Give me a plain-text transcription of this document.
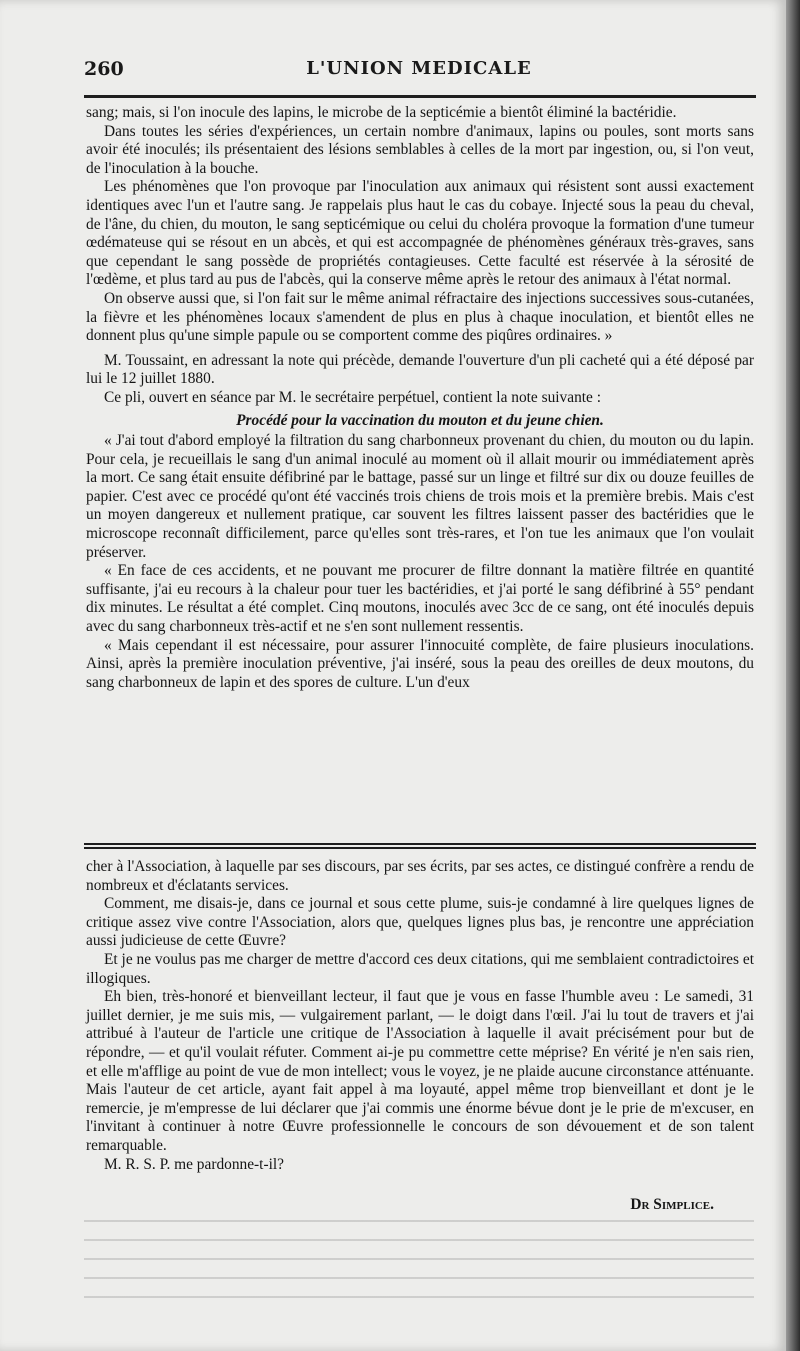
260	L'UNION MEDICALE

sang; mais, si l'on inocule des lapins, le microbe de la septicémie a bientôt éliminé la bactéridie.

Dans toutes les séries d'expériences, un certain nombre d'animaux, lapins ou poules, sont morts sans avoir été inoculés; ils présentaient des lésions semblables à celles de la mort par ingestion, ou, si l'on veut, de l'inoculation à la bouche.

Les phénomènes que l'on provoque par l'inoculation aux animaux qui résistent sont aussi exactement identiques avec l'un et l'autre sang. Je rappelais plus haut le cas du cobaye. Injecté sous la peau du cheval, de l'âne, du chien, du mouton, le sang septicémique ou celui du choléra provoque la formation d'une tumeur œdémateuse qui se résout en un abcès, et qui est accompagnée de phénomènes généraux très-graves, sans que cependant le sang possède de propriétés contagieuses. Cette faculté est réservée à la sérosité de l'œdème, et plus tard au pus de l'abcès, qui la conserve même après le retour des animaux à l'état normal.

On observe aussi que, si l'on fait sur le même animal réfractaire des injections successives sous-cutanées, la fièvre et les phénomènes locaux s'amendent de plus en plus à chaque inoculation, et bientôt elles ne donnent plus qu'une simple papule ou se comportent comme des piqûres ordinaires. »

M. Toussaint, en adressant la note qui précède, demande l'ouverture d'un pli cacheté qui a été déposé par lui le 12 juillet 1880.

Ce pli, ouvert en séance par M. le secrétaire perpétuel, contient la note suivante :

Procédé pour la vaccination du mouton et du jeune chien.

« J'ai tout d'abord employé la filtration du sang charbonneux provenant du chien, du mouton ou du lapin. Pour cela, je recueillais le sang d'un animal inoculé au moment où il allait mourir ou immédiatement après la mort. Ce sang était ensuite défibriné par le battage, passé sur un linge et filtré sur dix ou douze feuilles de papier. C'est avec ce procédé qu'ont été vaccinés trois chiens de trois mois et la première brebis. Mais c'est un moyen dangereux et nullement pratique, car souvent les filtres laissent passer des bactéridies que le microscope reconnaît difficilement, parce qu'elles sont très-rares, et l'on tue les animaux que l'on voulait préserver.

« En face de ces accidents, et ne pouvant me procurer de filtre donnant la matière filtrée en quantité suffisante, j'ai eu recours à la chaleur pour tuer les bactéridies, et j'ai porté le sang défibriné à 55° pendant dix minutes. Le résultat a été complet. Cinq moutons, inoculés avec 3cc de ce sang, ont été inoculés depuis avec du sang charbonneux très-actif et ne s'en sont nullement ressentis.

« Mais cependant il est nécessaire, pour assurer l'innocuité complète, de faire plusieurs inoculations. Ainsi, après la première inoculation préventive, j'ai inséré, sous la peau des oreilles de deux moutons, du sang charbonneux de lapin et des spores de culture. L'un d'eux

cher à l'Association, à laquelle par ses discours, par ses écrits, par ses actes, ce distingué confrère a rendu de nombreux et d'éclatants services.

Comment, me disais-je, dans ce journal et sous cette plume, suis-je condamné à lire quelques lignes de critique assez vive contre l'Association, alors que, quelques lignes plus bas, je rencontre une appréciation aussi judicieuse de cette Œuvre?

Et je ne voulus pas me charger de mettre d'accord ces deux citations, qui me semblaient contradictoires et illogiques.

Eh bien, très-honoré et bienveillant lecteur, il faut que je vous en fasse l'humble aveu : Le samedi, 31 juillet dernier, je me suis mis, — vulgairement parlant, — le doigt dans l'œil. J'ai lu tout de travers et j'ai attribué à l'auteur de l'article une critique de l'Association à laquelle il avait précisément pour but de répondre, — et qu'il voulait réfuter. Comment ai-je pu commettre cette méprise? En vérité je n'en sais rien, et elle m'afflige au point de vue de mon intellect; vous le voyez, je ne plaide aucune circonstance atténuante. Mais l'auteur de cet article, ayant fait appel à ma loyauté, appel même trop bienveillant et dont je le remercie, je m'empresse de lui déclarer que j'ai commis une énorme bévue dont je le prie de m'excuser, en l'invitant à continuer à notre Œuvre professionnelle le concours de son dévouement et de son talent remarquable.

M. R. S. P. me pardonne-t-il?

Dr Simplice.
